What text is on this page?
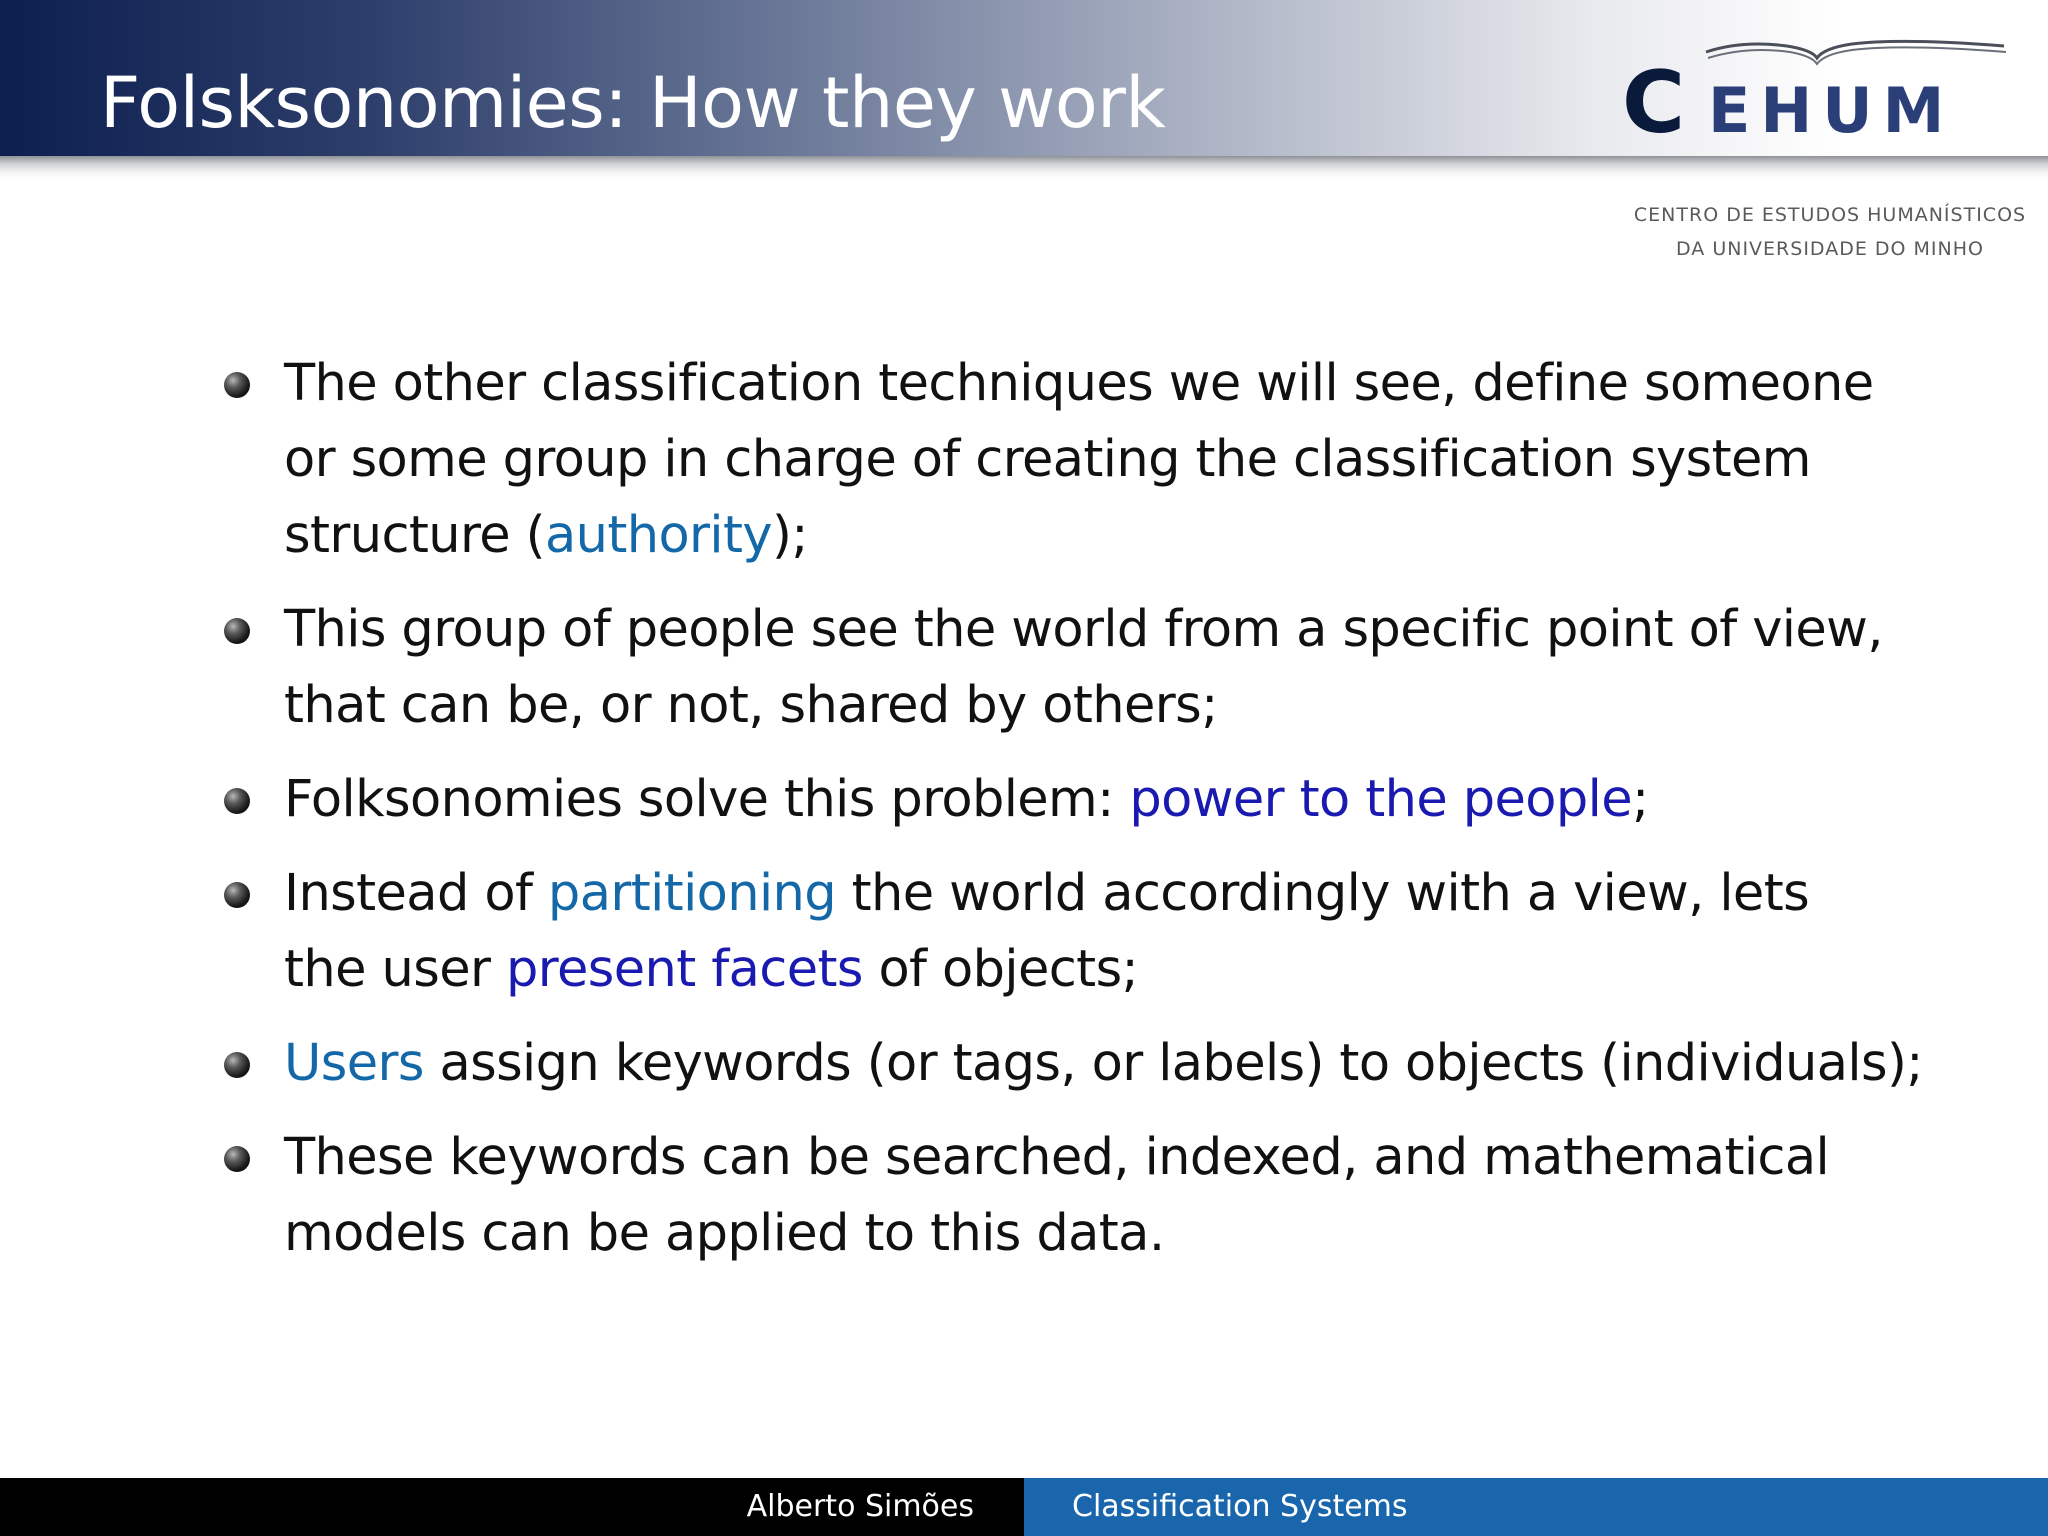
Folsksonomies: How they work	C EHUM
CENTRO DE ESTUDOS HUMANÍSTICOS
DA UNIVERSIDADE DO MINHO
The other classification techniques we will see, define someone
or some group in charge of creating the classification system
structure (authority);
This group of people see the world from a specific point of view,
that can be, or not, shared by others;
Folksonomies solve this problem: power to the people;
Instead of partitioning the world accordingly with a view, lets
the user present facets of objects;
Users assign keywords (or tags, or labels) to objects (individuals);
These keywords can be searched, indexed, and mathematical
models can be applied to this data.
Alberto Simões	Classification Systems
